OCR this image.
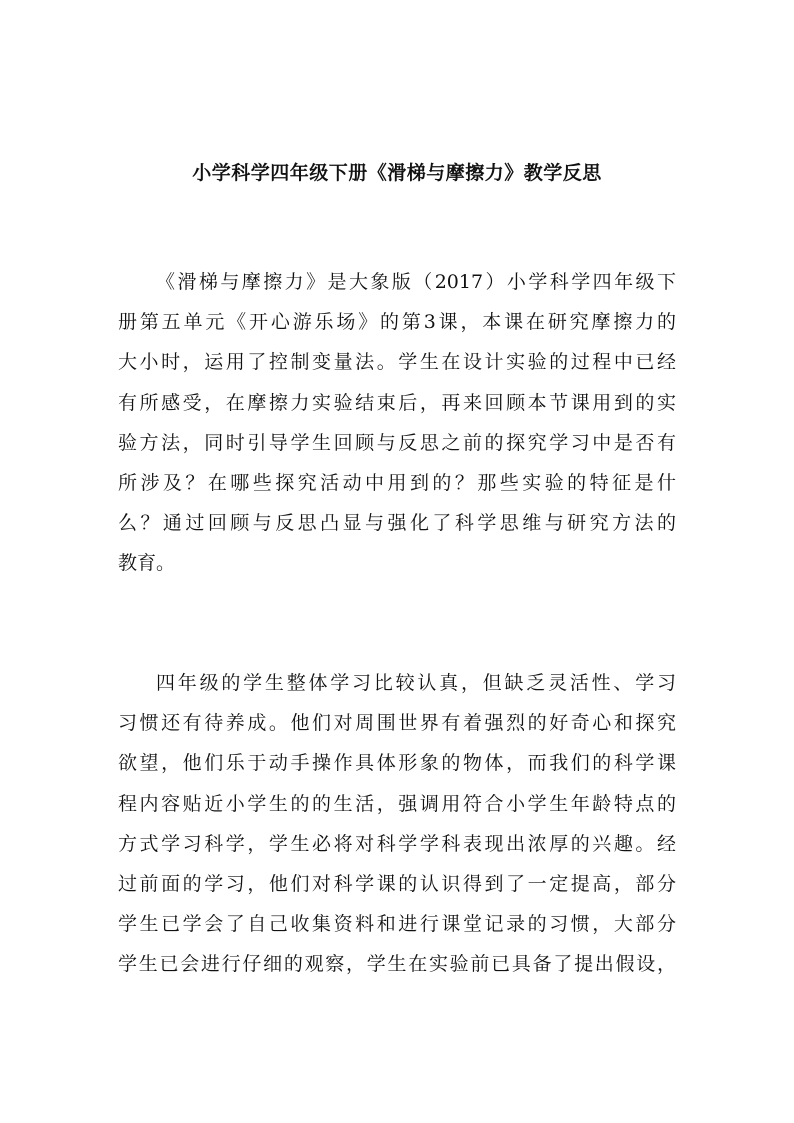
小学科学四年级下册《滑梯与摩擦力》教学反思
《滑梯与摩擦力》是大象版（2017）小学科学四年级下
册第五单元《开心游乐场》的第3课，本课在研究摩擦力的
大小时，运用了控制变量法。学生在设计实验的过程中已经
有所感受，在摩擦力实验结束后，再来回顾本节课用到的实
验方法，同时引导学生回顾与反思之前的探究学习中是否有
所涉及？在哪些探究活动中用到的？那些实验的特征是什
么？通过回顾与反思凸显与强化了科学思维与研究方法的
教育。
四年级的学生整体学习比较认真，但缺乏灵活性、学习
习惯还有待养成。他们对周围世界有着强烈的好奇心和探究
欲望，他们乐于动手操作具体形象的物体，而我们的科学课
程内容贴近小学生的的生活，强调用符合小学生年龄特点的
方式学习科学，学生必将对科学学科表现出浓厚的兴趣。经
过前面的学习，他们对科学课的认识得到了一定提高，部分
学生已学会了自己收集资料和进行课堂记录的习惯，大部分
学生已会进行仔细的观察，学生在实验前已具备了提出假设，
